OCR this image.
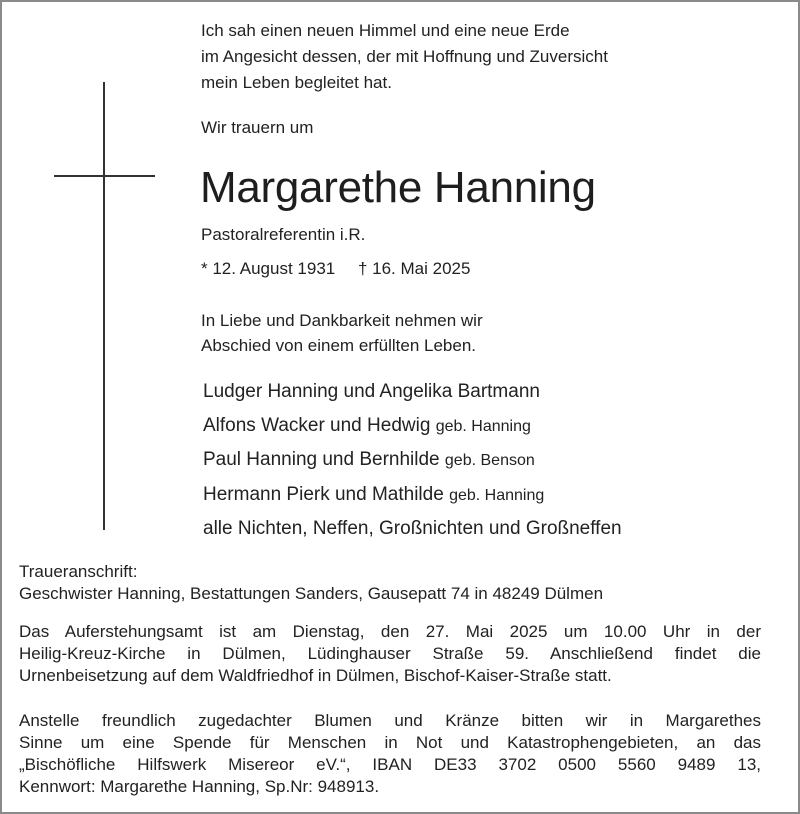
Ich sah einen neuen Himmel und eine neue Erde
im Angesicht dessen, der mit Hoffnung und Zuversicht
mein Leben begleitet hat.
Wir trauern um
Margarethe Hanning
Pastoralreferentin i.R.
* 12. August 1931 † 16. Mai 2025
In Liebe und Dankbarkeit nehmen wir
Abschied von einem erfüllten Leben.
Ludger Hanning und Angelika Bartmann
Alfons Wacker und Hedwig geb. Hanning
Paul Hanning und Bernhilde geb. Benson
Hermann Pierk und Mathilde geb. Hanning
alle Nichten, Neffen, Großnichten und Großneffen
Traueranschrift:
Geschwister Hanning, Bestattungen Sanders, Gausepatt 74 in 48249 Dülmen
Das Auferstehungsamt ist am Dienstag, den 27. Mai 2025 um 10.00 Uhr in der
Heilig-Kreuz-Kirche in Dülmen, Lüdinghauser Straße 59. Anschließend findet die
Urnenbeisetzung auf dem Waldfriedhof in Dülmen, Bischof-Kaiser-Straße statt.
Anstelle freundlich zugedachter Blumen und Kränze bitten wir in Margarethes
Sinne um eine Spende für Menschen in Not und Katastrophengebieten, an das
„Bischöfliche Hilfswerk Misereor eV.“, IBAN DE33 3702 0500 5560 9489 13,
Kennwort: Margarethe Hanning, Sp.Nr: 948913.
